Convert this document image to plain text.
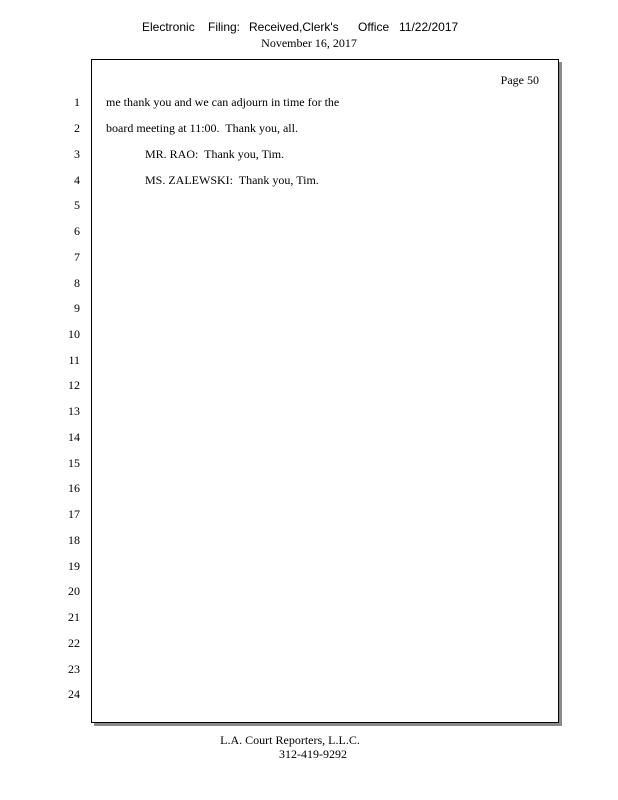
Electronic

Filing:

Received,Clerk's

Office

11/22/2017

November 16, 2017
Page 50
1
2
3
4
5
6
7
8
9
10
11
12
13
14
15
16
17
18
19
20
21
22
23
24
me thank you and we can adjourn in time for the
board meeting at 11:00.  Thank you, all.
MR. RAO:  Thank you, Tim.
MS. ZALEWSKI:  Thank you, Tim.
L.A. Court Reporters, L.L.C.
312-419-9292
